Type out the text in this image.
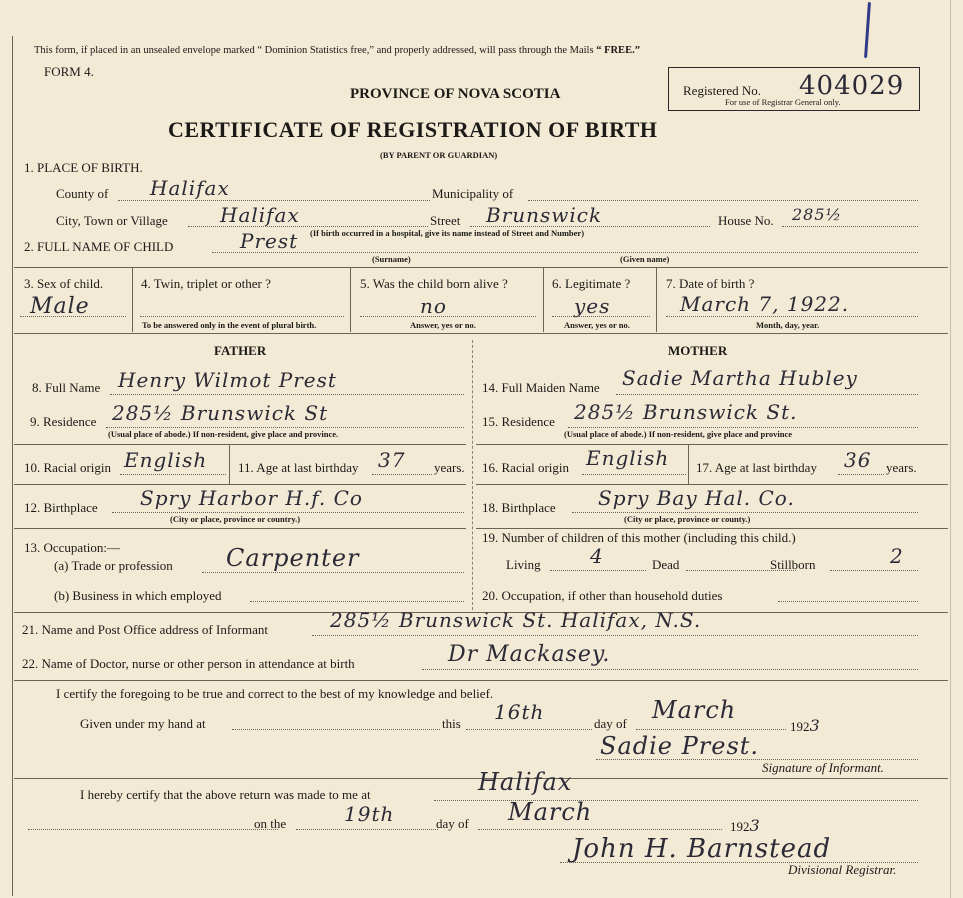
This form, if placed in an unsealed envelope marked “ Dominion Statistics free,” and properly addressed, will pass through the Mails “ FREE.”
FORM 4.
PROVINCE OF NOVA SCOTIA
CERTIFICATE OF REGISTRATION OF BIRTH
(BY PARENT OR GUARDIAN)
Registered No. 404029
For use of Registrar General only.
1. PLACE OF BIRTH.
County of Halifax	Municipality of
City, Town or Village	Halifax	Street Brunswick	House No. 285½
(If birth occurred in a hospital, give its name instead of Street and Number)
2. FULL NAME OF CHILD	Prest
(Surname)	(Given name)
3. Sex of child.
Male
4. Twin, triplet or other ?
To be answered only in the event of plural birth.
5. Was the child born alive ?
no
Answer, yes or no.
6. Legitimate ?
yes
Answer, yes or no.
7. Date of birth ?
March 7, 1922.
Month, day, year.
FATHER	MOTHER
8. Full Name Henry Wilmot Prest
9. Residence 285½ Brunswick St
(Usual place of abode.) If non-resident, give place and province.
10. Racial origin English 11. Age at last birthday 37 years.
12. Birthplace Spry Harbor H.f. Co
(City or place, province or country.)
13. Occupation:—
(a) Trade or profession Carpenter
(b) Business in which employed
14. Full Maiden Name Sadie Martha Hubley
15. Residence 285½ Brunswick St.
(Usual place of abode.) If non-resident, give place and province
16. Racial origin English 17. Age at last birthday 36 years.
18. Birthplace Spry Bay Hal. Co.
(City or place, province or county.)
19. Number of children of this mother (including this child.)
Living 4	Dead	Stillborn	2
20. Occupation, if other than household duties
21. Name and Post Office address of Informant	285½ Brunswick St. Halifax, N.S.
22. Name of Doctor, nurse or other person in attendance at birth	Dr Mackasey.
I certify the foregoing to be true and correct to the best of my knowledge and belief.
Given under my hand at	this 16th	day of March
1923
Sadie Prest.
Signature of Informant.
I hereby certify that the above return was made to me at	Halifax
on the	19th	day of March
1923
John H. Barnstead
Divisional Registrar.
